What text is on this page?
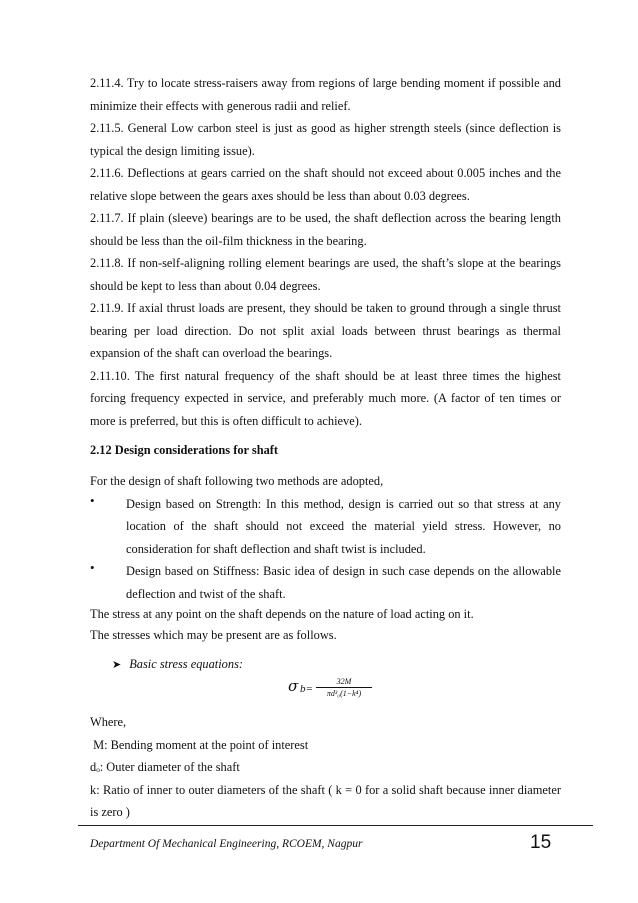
2.11.4. Try to locate stress-raisers away from regions of large bending moment if possible and minimize their effects with generous radii and relief.

2.11.5. General Low carbon steel is just as good as higher strength steels (since deflection is typical the design limiting issue).

2.11.6. Deflections at gears carried on the shaft should not exceed about 0.005 inches and the relative slope between the gears axes should be less than about 0.03 degrees.

2.11.7. If plain (sleeve) bearings are to be used, the shaft deflection across the bearing length should be less than the oil-film thickness in the bearing.

2.11.8. If non-self-aligning rolling element bearings are used, the shaft’s slope at the bearings should be kept to less than about 0.04 degrees.

2.11.9. If axial thrust loads are present, they should be taken to ground through a single thrust bearing per load direction. Do not split axial loads between thrust bearings as thermal expansion of the shaft can overload the bearings.

2.11.10. The first natural frequency of the shaft should be at least three times the highest forcing frequency expected in service, and preferably much more. (A factor of ten times or more is preferred, but this is often difficult to achieve).

2.12 Design considerations for shaft

For the design of shaft following two methods are adopted,

•

Design based on Strength: In this method, design is carried out so that stress at any location of the shaft should not exceed the material yield stress. However, no consideration for shaft deflection and shaft twist is included.

•

Design based on Stiffness: Basic idea of design in such case depends on the allowable deflection and twist of the shaft.

The stress at any point on the shaft depends on the nature of load acting on it.

The stresses which may be present are as follows.

➤ Basic stress equations:

σ $b= \frac{32M}{\text{πd³₀(1−k⁴)}}$

Where,

M: Bending moment at the point of interest

dₒ: Outer diameter of the shaft

k: Ratio of inner to outer diameters of the shaft ( k = 0 for a solid shaft because inner diameter is zero )

Department Of Mechanical Engineering, RCOEM, Nagpur	15
